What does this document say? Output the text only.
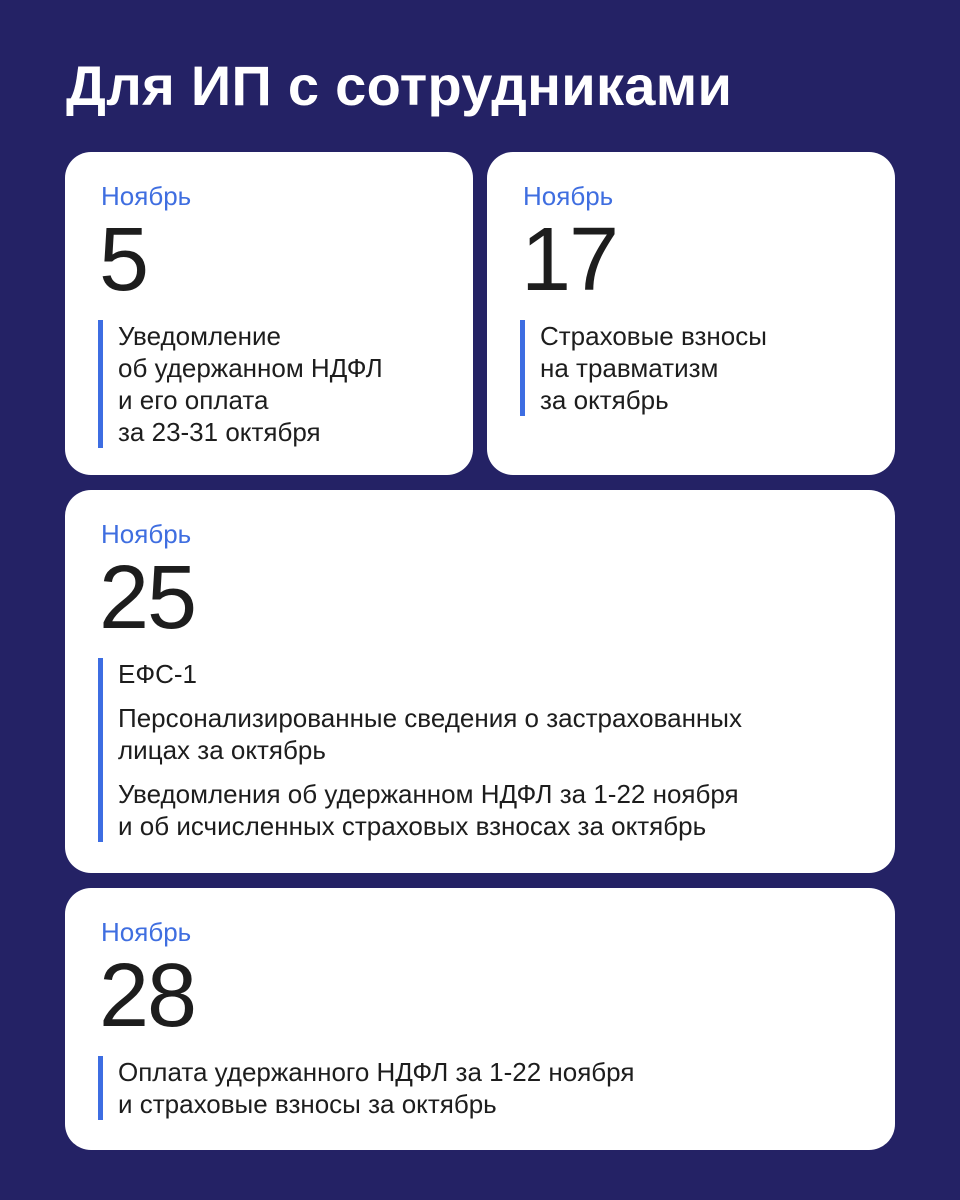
Для ИП с сотрудниками
Ноябрь
5

Уведомление
об удержанном НДФЛ
и его оплата
за 23-31 октября

Ноябрь
17

Страховые взносы
на травматизм
за октябрь

Ноябрь
25

ЕФС-1

Персонализированные сведения о застрахованных
лицах за октябрь

Уведомления об удержанном НДФЛ за 1-22 ноября
и об исчисленных страховых взносах за октябрь

Ноябрь
28

Оплата удержанного НДФЛ за 1-22 ноября
и страховые взносы за октябрь
